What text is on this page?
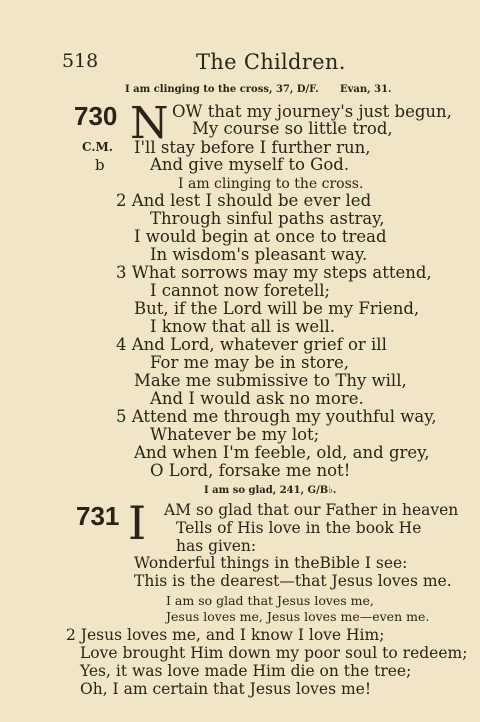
518	The Children.
I am clinging to the cross, 37, D/F. Evan, 31.
730
C.M.
b
N OW that my journey's just begun,
My course so little trod,
I'll stay before I further run,
And give myself to God.
I am clinging to the cross.
2 And lest I should be ever led
Through sinful paths astray,
I would begin at once to tread
In wisdom's pleasant way.
3 What sorrows may my steps attend,
I cannot now foretell;
But, if the Lord will be my Friend,
I know that all is well.
4 And Lord, whatever grief or ill
For me may be in store,
Make me submissive to Thy will,
And I would ask no more.
5 Attend me through my youthful way,
Whatever be my lot;
And when I'm feeble, old, and grey,
O Lord, forsake me not!
I am so glad, 241, G/B♭.
731 I AM so glad that our Father in heaven
Tells of His love in the book He
has given:
Wonderful things in theBible I see:
This is the dearest—that Jesus loves me.
I am so glad that Jesus loves me,
Jesus loves me, Jesus loves me—even me.
2 Jesus loves me, and I know I love Him;
Love brought Him down my poor soul to redeem;
Yes, it was love made Him die on the tree;
Oh, I am certain that Jesus loves me!
